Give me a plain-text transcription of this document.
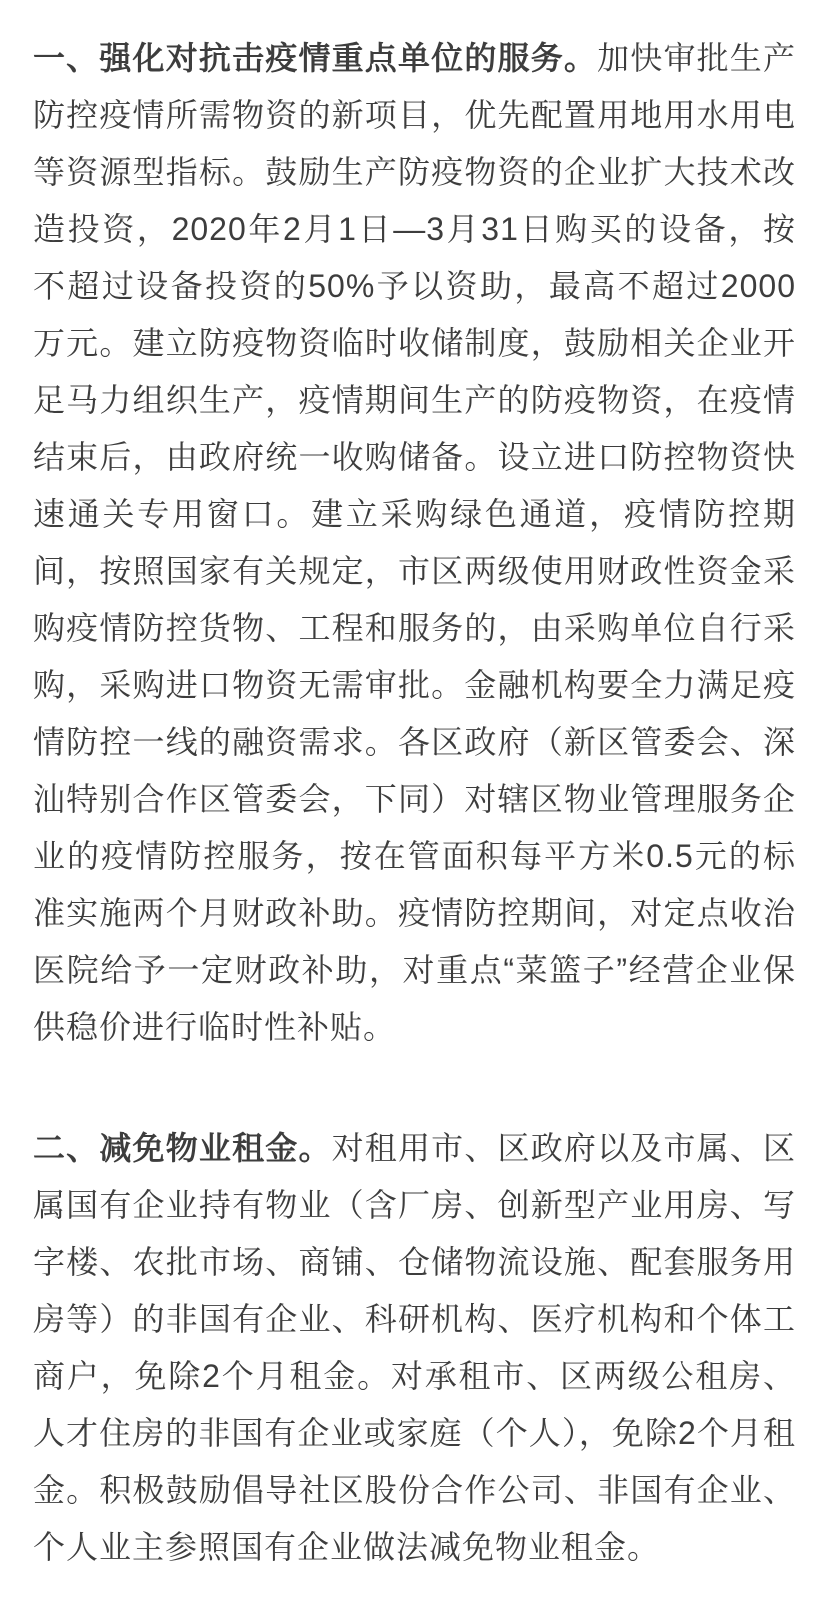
一、强化对抗击疫情重点单位的服务。加快审批生产防控疫情所需物资的新项目，优先配置用地用水用电等资源型指标。鼓励生产防疫物资的企业扩大技术改造投资，2020年2月1日—3月31日购买的设备，按不超过设备投资的50%予以资助，最高不超过2000万元。建立防疫物资临时收储制度，鼓励相关企业开足马力组织生产，疫情期间生产的防疫物资，在疫情结束后，由政府统一收购储备。设立进口防控物资快速通关专用窗口。建立采购绿色通道，疫情防控期间，按照国家有关规定，市区两级使用财政性资金采购疫情防控货物、工程和服务的，由采购单位自行采购，采购进口物资无需审批。金融机构要全力满足疫情防控一线的融资需求。各区政府（新区管委会、深汕特别合作区管委会，下同）对辖区物业管理服务企业的疫情防控服务，按在管面积每平方米0.5元的标准实施两个月财政补助。疫情防控期间，对定点收治医院给予一定财政补助，对重点“菜篮子”经营企业保供稳价进行临时性补贴。

二、减免物业租金。对租用市、区政府以及市属、区属国有企业持有物业（含厂房、创新型产业用房、写字楼、农批市场、商铺、仓储物流设施、配套服务用房等）的非国有企业、科研机构、医疗机构和个体工商户，免除2个月租金。对承租市、区两级公租房、人才住房的非国有企业或家庭（个人），免除2个月租金。积极鼓励倡导社区股份合作公司、非国有企业、个人业主参照国有企业做法减免物业租金。
